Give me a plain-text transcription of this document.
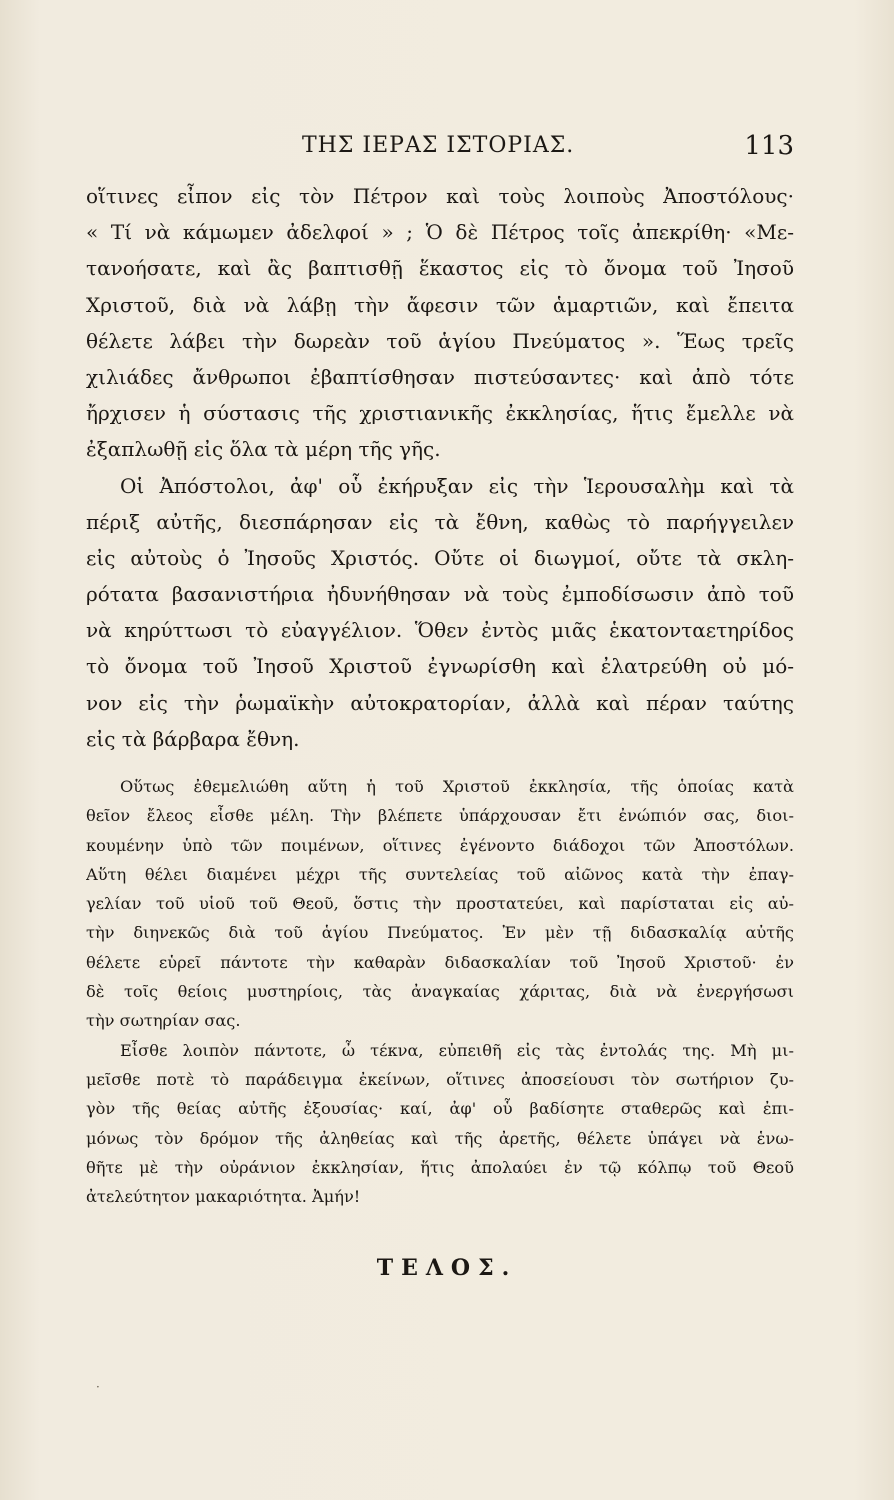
ΤΗΣ ΙΕΡΑΣ ΙΣΤΟΡΙΑΣ.	113
οἵτινες εἶπον εἰς τὸν Πέτρον καὶ τοὺς λοιποὺς Ἀποστόλους·
« Τί νὰ κάμωμεν ἀδελφοί » ; Ὁ δὲ Πέτρος τοῖς ἀπεκρίθη· «Με-
τανοήσατε, καὶ ἂς βαπτισθῇ ἕκαστος εἰς τὸ ὄνομα τοῦ Ἰησοῦ
Χριστοῦ, διὰ νὰ λάβῃ τὴν ἄφεσιν τῶν ἁμαρτιῶν, καὶ ἔπειτα
θέλετε λάβει τὴν δωρεὰν τοῦ ἁγίου Πνεύματος ». Ἕως τρεῖς
χιλιάδες ἄνθρωποι ἐβαπτίσθησαν πιστεύσαντες· καὶ ἀπὸ τότε
ἤρχισεν ἡ σύστασις τῆς χριστιανικῆς ἐκκλησίας, ἥτις ἔμελλε νὰ
ἐξαπλωθῇ εἰς ὅλα τὰ μέρη τῆς γῆς.
Οἱ Ἀπόστολοι, ἀφ' οὗ ἐκήρυξαν εἰς τὴν Ἱερουσαλὴμ καὶ τὰ
πέριξ αὐτῆς, διεσπάρησαν εἰς τὰ ἔθνη, καθὼς τὸ παρήγγειλεν
εἰς αὐτοὺς ὁ Ἰησοῦς Χριστός. Οὔτε οἱ διωγμοί, οὔτε τὰ σκλη-
ρότατα βασανιστήρια ἠδυνήθησαν νὰ τοὺς ἐμποδίσωσιν ἀπὸ τοῦ
νὰ κηρύττωσι τὸ εὐαγγέλιον. Ὅθεν ἐντὸς μιᾶς ἑκατονταετηρίδος
τὸ ὄνομα τοῦ Ἰησοῦ Χριστοῦ ἐγνωρίσθη καὶ ἐλατρεύθη οὐ μό-
νον εἰς τὴν ῥωμαϊκὴν αὐτοκρατορίαν, ἀλλὰ καὶ πέραν ταύτης
εἰς τὰ βάρβαρα ἔθνη.
Οὕτως ἐθεμελιώθη αὕτη ἡ τοῦ Χριστοῦ ἐκκλησία, τῆς ὁποίας κατὰ
θεῖον ἔλεος εἶσθε μέλη. Τὴν βλέπετε ὑπάρχουσαν ἔτι ἐνώπιόν σας, διοι-
κουμένην ὑπὸ τῶν ποιμένων, οἵτινες ἐγένοντο διάδοχοι τῶν Ἀποστόλων.
Αὕτη θέλει διαμένει μέχρι τῆς συντελείας τοῦ αἰῶνος κατὰ τὴν ἐπαγ-
γελίαν τοῦ υἱοῦ τοῦ Θεοῦ, ὅστις τὴν προστατεύει, καὶ παρίσταται εἰς αὐ-
τὴν διηνεκῶς διὰ τοῦ ἁγίου Πνεύματος. Ἐν μὲν τῇ διδασκαλίᾳ αὐτῆς
θέλετε εὑρεῖ πάντοτε τὴν καθαρὰν διδασκαλίαν τοῦ Ἰησοῦ Χριστοῦ· ἐν
δὲ τοῖς θείοις μυστηρίοις, τὰς ἀναγκαίας χάριτας, διὰ νὰ ἐνεργήσωσι
τὴν σωτηρίαν σας.
Εἶσθε λοιπὸν πάντοτε, ὦ τέκνα, εὐπειθῆ εἰς τὰς ἐντολάς της. Μὴ μι-
μεῖσθε ποτὲ τὸ παράδειγμα ἐκείνων, οἵτινες ἀποσείουσι τὸν σωτήριον ζυ-
γὸν τῆς θείας αὐτῆς ἐξουσίας· καί, ἀφ' οὗ βαδίσητε σταθερῶς καὶ ἐπι-
μόνως τὸν δρόμον τῆς ἀληθείας καὶ τῆς ἀρετῆς, θέλετε ὑπάγει νὰ ἑνω-
θῆτε μὲ τὴν οὐράνιον ἐκκλησίαν, ἥτις ἀπολαύει ἐν τῷ κόλπῳ τοῦ Θεοῦ
ἀτελεύτητον μακαριότητα. Ἀμήν!
ΤΕΛΟΣ.
·
